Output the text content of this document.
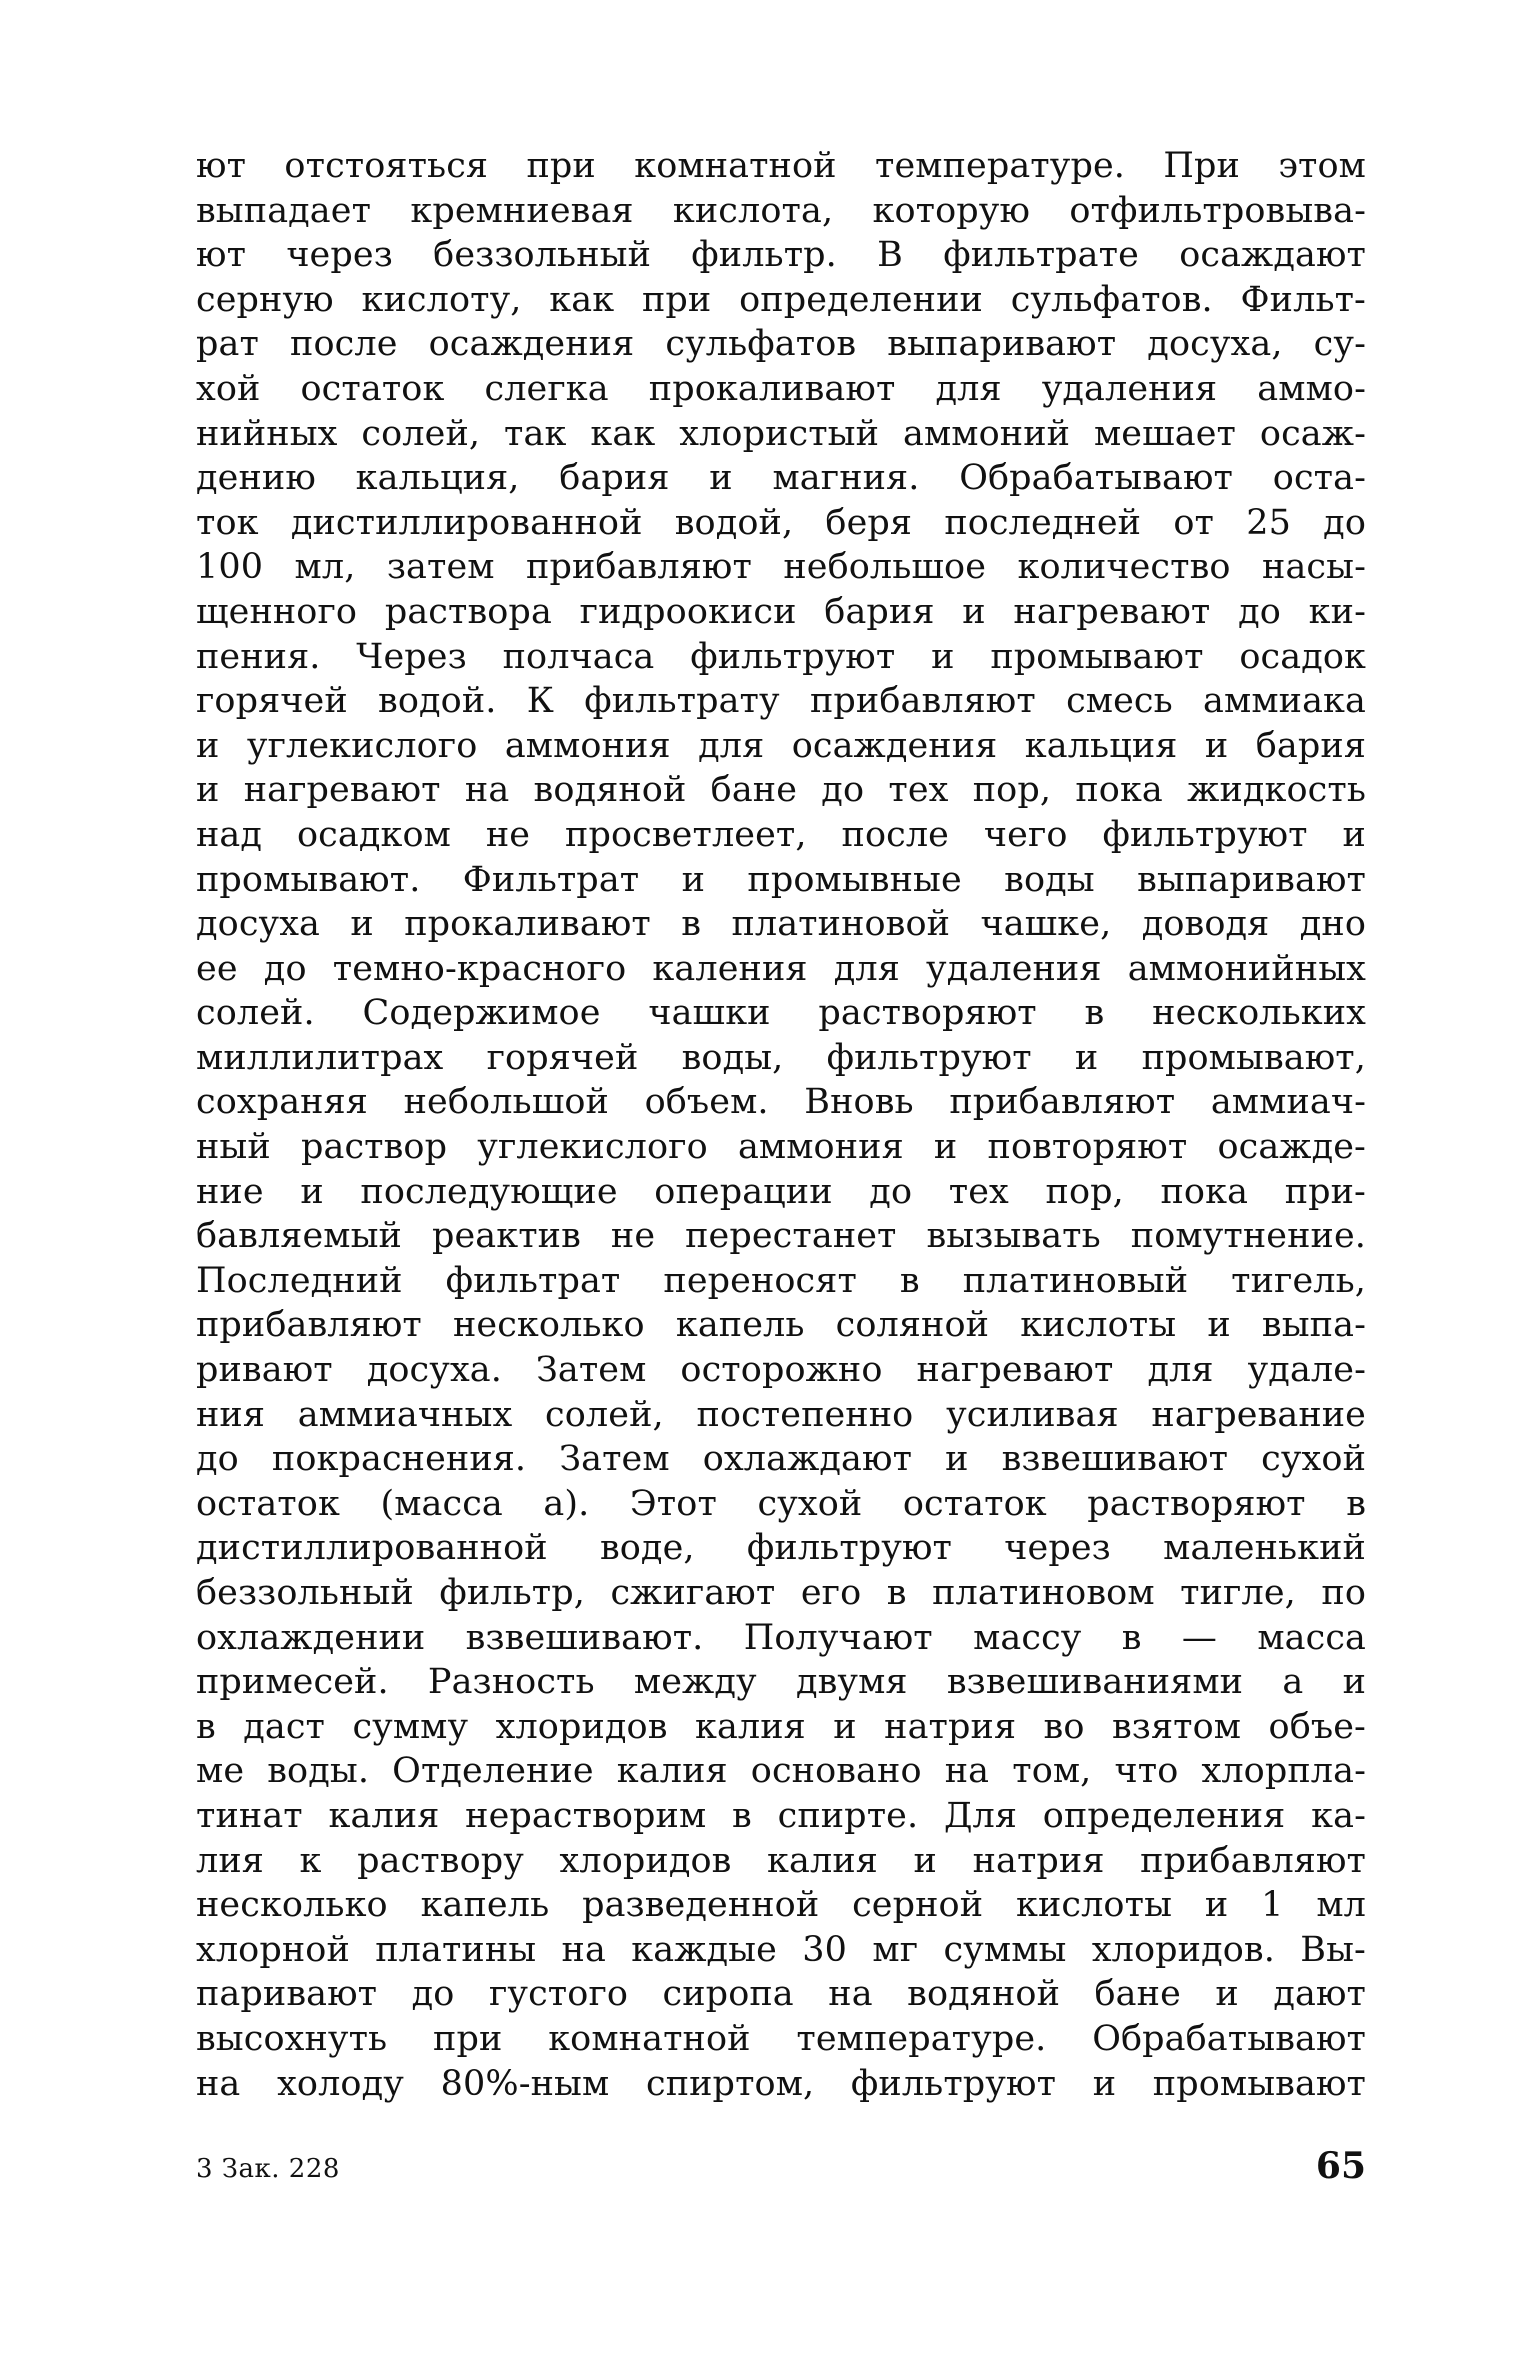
ют отстояться при комнатной температуре. При этом
выпадает кремниевая кислота, которую отфильтровыва-
ют через беззольный фильтр. В фильтрате осаждают
серную кислоту, как при определении сульфатов. Фильт-
рат после осаждения сульфатов выпаривают досуха, су-
хой остаток слегка прокаливают для удаления аммо-
нийных солей, так как хлористый аммоний мешает осаж-
дению кальция, бария и магния. Обрабатывают оста-
ток дистиллированной водой, беря последней от 25 до
100 мл, затем прибавляют небольшое количество насы-
щенного раствора гидроокиси бария и нагревают до ки-
пения. Через полчаса фильтруют и промывают осадок
горячей водой. К фильтрату прибавляют смесь аммиака
и углекислого аммония для осаждения кальция и бария
и нагревают на водяной бане до тех пор, пока жидкость
над осадком не просветлеет, после чего фильтруют и
промывают. Фильтрат и промывные воды выпаривают
досуха и прокаливают в платиновой чашке, доводя дно
ее до темно-красного каления для удаления аммонийных
солей. Содержимое чашки растворяют в нескольких
миллилитрах горячей воды, фильтруют и промывают,
сохраняя небольшой объем. Вновь прибавляют аммиач-
ный раствор углекислого аммония и повторяют осажде-
ние и последующие операции до тех пор, пока при-
бавляемый реактив не перестанет вызывать помутнение.
Последний фильтрат переносят в платиновый тигель,
прибавляют несколько капель соляной кислоты и выпа-
ривают досуха. Затем осторожно нагревают для удале-
ния аммиачных солей, постепенно усиливая нагревание
до покраснения. Затем охлаждают и взвешивают сухой
остаток (масса а). Этот сухой остаток растворяют в
дистиллированной воде, фильтруют через маленький
беззольный фильтр, сжигают его в платиновом тигле, по
охлаждении взвешивают. Получают массу в — масса
примесей. Разность между двумя взвешиваниями а и
в даст сумму хлоридов калия и натрия во взятом объе-
ме воды. Отделение калия основано на том, что хлорпла-
тинат калия нерастворим в спирте. Для определения ка-
лия к раствору хлоридов калия и натрия прибавляют
несколько капель разведенной серной кислоты и 1 мл
хлорной платины на каждые 30 мг суммы хлоридов. Вы-
паривают до густого сиропа на водяной бане и дают
высохнуть при комнатной температуре. Обрабатывают
на холоду 80%-ным спиртом, фильтруют и промывают
3 Зак. 228	65
